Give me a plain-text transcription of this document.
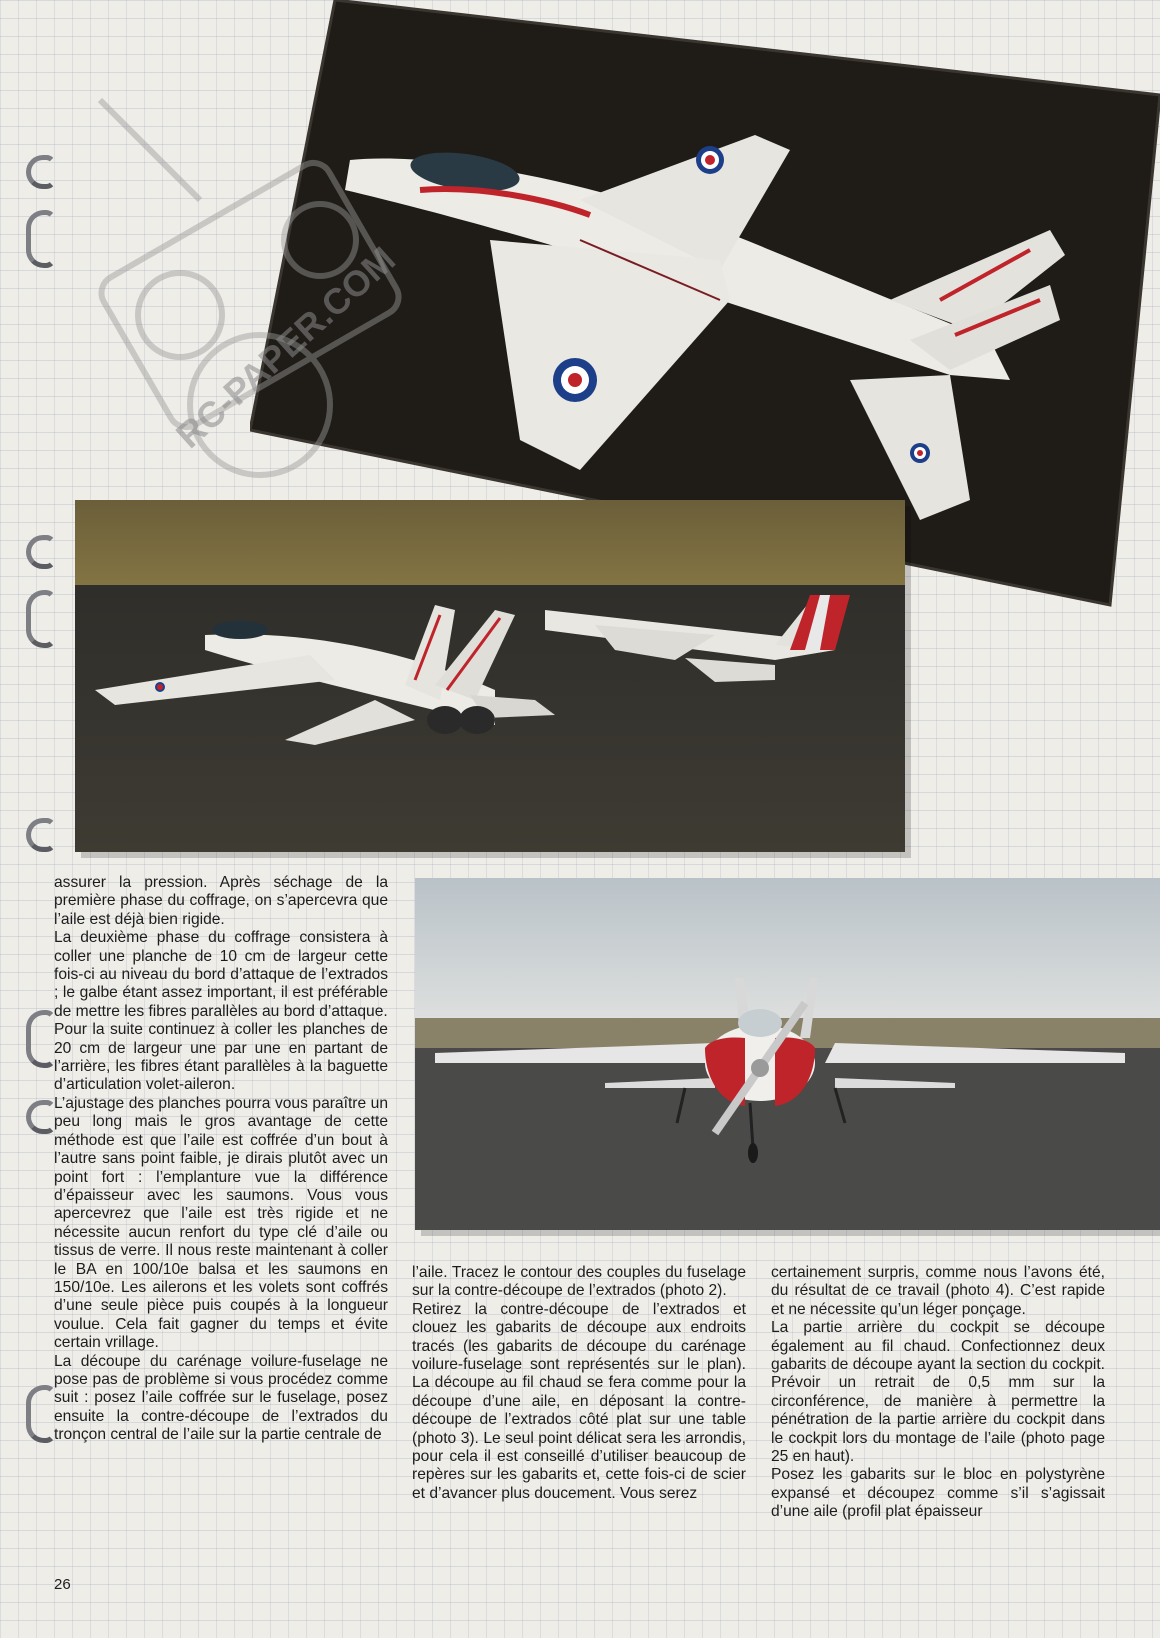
RC-PAPER.COM

assurer la pression. Après séchage de la première phase du coffrage, on s’apercevra que l’aile est déjà bien rigide.

La deuxième phase du coffrage consistera à coller une planche de 10 cm de largeur cette fois-ci au niveau du bord d’attaque de l’extrados ; le galbe étant assez important, il est préférable de mettre les fibres parallèles au bord d’attaque.

Pour la suite continuez à coller les planches de 20 cm de largeur une par une en partant de l’arrière, les fibres étant parallèles à la baguette d’articulation volet-aileron.

L’ajustage des planches pourra vous paraître un peu long mais le gros avantage de cette méthode est que l’aile est coffrée d’un bout à l’autre sans point faible, je dirais plutôt avec un point fort : l’emplanture vue la différence d’épaisseur avec les saumons. Vous vous apercevrez que l’aile est très rigide et ne nécessite aucun renfort du type clé d’aile ou tissus de verre. Il nous reste maintenant à coller le BA en 100/10e balsa et les saumons en 150/10e. Les ailerons et les volets sont coffrés d’une seule pièce puis coupés à la longueur voulue. Cela fait gagner du temps et évite certain vrillage.

La découpe du carénage voilure-fuselage ne pose pas de problème si vous procédez comme suit : posez l’aile coffrée sur le fuselage, posez ensuite la contre-découpe de l’extrados du tronçon central de l’aile sur la partie centrale de

l’aile. Tracez le contour des couples du fuselage sur la contre-découpe de l’extrados (photo 2).

Retirez la contre-découpe de l’extrados et clouez les gabarits de découpe aux endroits tracés (les gabarits de découpe du carénage voilure-fuselage sont représentés sur le plan). La découpe au fil chaud se fera comme pour la découpe d’une aile, en déposant la contre-découpe de l’extrados côté plat sur une table (photo 3). Le seul point délicat sera les arrondis, pour cela il est conseillé d’utiliser beaucoup de repères sur les gabarits et, cette fois-ci de scier et d’avancer plus doucement. Vous serez

certainement surpris, comme nous l’avons été, du résultat de ce travail (photo 4). C’est rapide et ne nécessite qu’un léger ponçage.

La partie arrière du cockpit se découpe également au fil chaud. Confectionnez deux gabarits de découpe ayant la section du cockpit. Prévoir un retrait de 0,5 mm sur la circonférence, de manière à permettre la pénétration de la partie arrière du cockpit dans le cockpit lors du montage de l’aile (photo page 25 en haut).

Posez les gabarits sur le bloc en polystyrène expansé et découpez comme s’il s’agissait d’une aile (profil plat épaisseur

26
